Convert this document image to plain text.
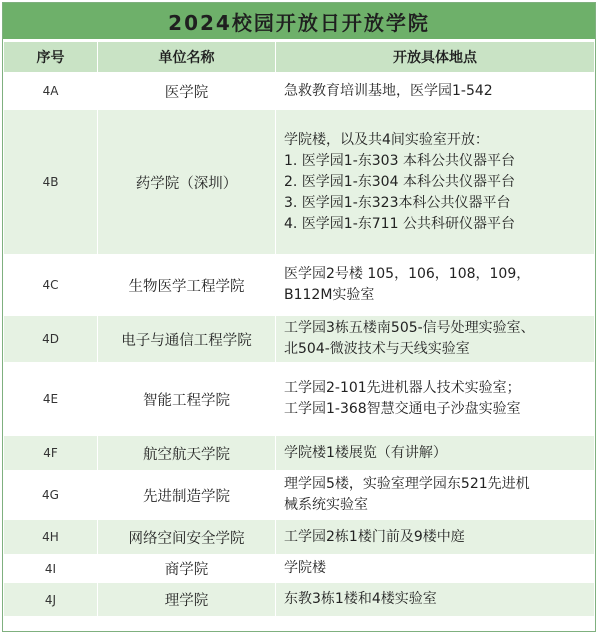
2024校园开放日开放学院
序号	单位名称	开放具体地点
4A	医学院	急救教育培训基地，医学园1-542

4B	药学院（深圳）	学院楼，以及共4间实验室开放：
1. 医学园1-东303 本科公共仪器平台
2. 医学园1-东304 本科公共仪器平台
3. 医学园1-东323本科公共仪器平台
4. 医学园1-东711 公共科研仪器平台

4C	生物医学工程学院	医学园2号楼 105，106，108，109，
B112M实验室

4D	电子与通信工程学院	工学园3栋五楼南505-信号处理实验室、
北504-微波技术与天线实验室

4E	智能工程学院	工学园2-101先进机器人技术实验室；
工学园1-368智慧交通电子沙盘实验室

4F	航空航天学院	学院楼1楼展览（有讲解）

4G	先进制造学院	理学园5楼，实验室理学园东521先进机
械系统实验室

4H	网络空间安全学院	工学园2栋1楼门前及9楼中庭

4I	商学院	学院楼

4J	理学院	东教3栋1楼和4楼实验室
